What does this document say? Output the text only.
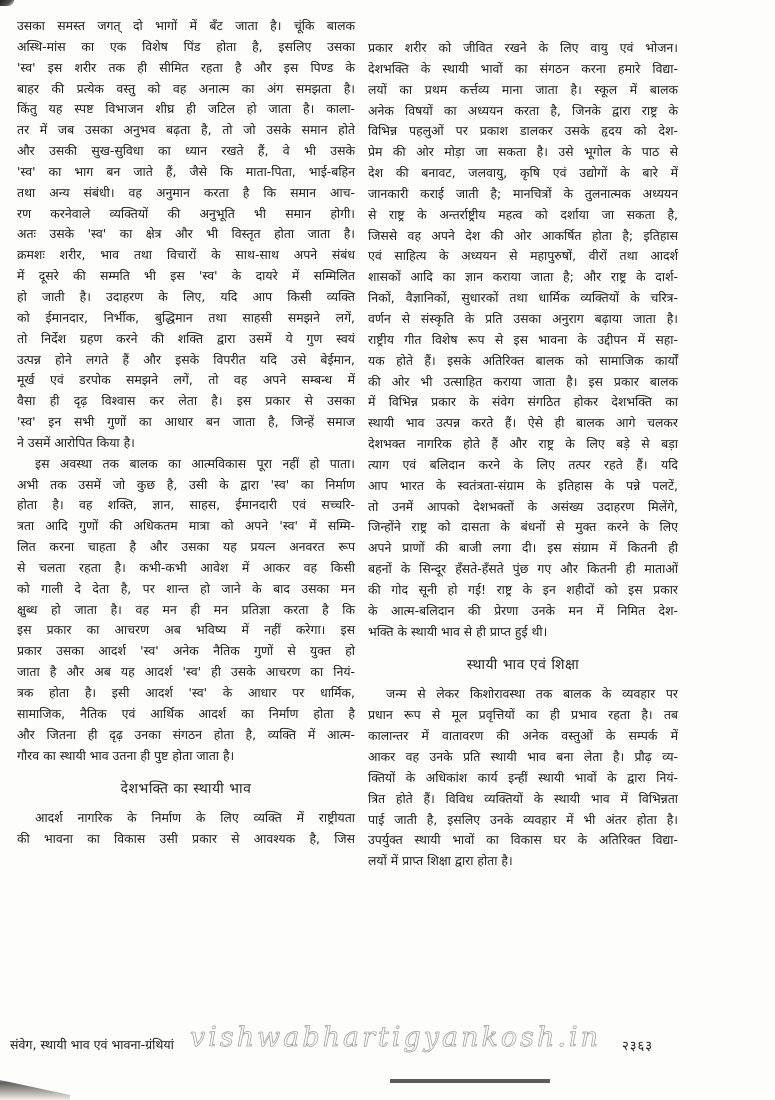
उसका समस्त जगत् दो भागों में बँट जाता है। चूंकि बालक
अस्थि-मांस का एक विशेष पिंड होता है, इसलिए उसका
'स्व' इस शरीर तक ही सीमित रहता है और इस पिण्ड के
बाहर की प्रत्येक वस्तु को वह अनात्म का अंग समझता है।
किंतु यह स्पष्ट विभाजन शीघ्र ही जटिल हो जाता है। काला-
तर में जब उसका अनुभव बढ़ता है, तो जो उसके समान होते
और उसकी सुख-सुविधा का ध्यान रखते हैं, वे भी उसके
'स्व' का भाग बन जाते हैं, जैसे कि माता-पिता, भाई-बहिन
तथा अन्य संबंधी। वह अनुमान करता है कि समान आच-
रण करनेवाले व्यक्तियों की अनुभूति भी समान होगी।
अतः उसके 'स्व' का क्षेत्र और भी विस्तृत होता जाता है।
क्रमशः शरीर, भाव तथा विचारों के साथ-साथ अपने संबंध
में दूसरे की सम्मति भी इस 'स्व' के दायरे में सम्मिलित
हो जाती है। उदाहरण के लिए, यदि आप किसी व्यक्ति
को ईमानदार, निर्भीक, बुद्धिमान तथा साहसी समझने लगें,
तो निर्देश ग्रहण करने की शक्ति द्वारा उसमें ये गुण स्वयं
उत्पन्न होने लगते हैं और इसके विपरीत यदि उसे बेईमान,
मूर्ख एवं डरपोक समझने लगें, तो वह अपने सम्बन्ध में
वैसा ही दृढ़ विश्वास कर लेता है। इस प्रकार से उसका
'स्व' इन सभी गुणों का आधार बन जाता है, जिन्हें समाज
ने उसमें आरोपित किया है।
इस अवस्था तक बालक का आत्मविकास पूरा नहीं हो पाता।
अभी तक उसमें जो कुछ है, उसी के द्वारा 'स्व' का निर्माण
होता है। वह शक्ति, ज्ञान, साहस, ईमानदारी एवं सच्चरि-
त्रता आदि गुणों की अधिकतम मात्रा को अपने 'स्व' में सम्मि-
लित करना चाहता है और उसका यह प्रयत्न अनवरत रूप
से चलता रहता है। कभी-कभी आवेश में आकर वह किसी
को गाली दे देता है, पर शान्त हो जाने के बाद उसका मन
क्षुब्ध हो जाता है। वह मन ही मन प्रतिज्ञा करता है कि
इस प्रकार का आचरण अब भविष्य में नहीं करेगा। इस
प्रकार उसका आदर्श 'स्व' अनेक नैतिक गुणों से युक्त हो
जाता है और अब यह आदर्श 'स्व' ही उसके आचरण का नियं-
त्रक होता है। इसी आदर्श 'स्व' के आधार पर धार्मिक,
सामाजिक, नैतिक एवं आर्थिक आदर्श का निर्माण होता है
और जितना ही दृढ़ उनका संगठन होता है, व्यक्ति में आत्म-
गौरव का स्थायी भाव उतना ही पुष्ट होता जाता है।
देशभक्ति का स्थायी भाव
आदर्श नागरिक के निर्माण के लिए व्यक्ति में राष्ट्रीयता
की भावना का विकास उसी प्रकार से आवश्यक है, जिस
प्रकार शरीर को जीवित रखने के लिए वायु एवं भोजन।
देशभक्ति के स्थायी भावों का संगठन करना हमारे विद्या-
लयों का प्रथम कर्त्तव्य माना जाता है। स्कूल में बालक
अनेक विषयों का अध्ययन करता है, जिनके द्वारा राष्ट्र के
विभिन्न पहलुओं पर प्रकाश डालकर उसके हृदय को देश-
प्रेम की ओर मोड़ा जा सकता है। उसे भूगोल के पाठ से
देश की बनावट, जलवायु, कृषि एवं उद्योगों के बारे में
जानकारी कराई जाती है; मानचित्रों के तुलनात्मक अध्ययन
से राष्ट्र के अन्तर्राष्ट्रीय महत्व को दर्शाया जा सकता है,
जिससे वह अपने देश की ओर आकर्षित होता है; इतिहास
एवं साहित्य के अध्ययन से महापुरुषों, वीरों तथा आदर्श
शासकों आदि का ज्ञान कराया जाता है; और राष्ट्र के दार्श-
निकों, वैज्ञानिकों, सुधारकों तथा धार्मिक व्यक्तियों के चरित्र-
वर्णन से संस्कृति के प्रति उसका अनुराग बढ़ाया जाता है।
राष्ट्रीय गीत विशेष रूप से इस भावना के उद्दीपन में सहा-
यक होते हैं। इसके अतिरिक्त बालक को सामाजिक कार्यों
की ओर भी उत्साहित कराया जाता है। इस प्रकार बालक
में विभिन्न प्रकार के संवेग संगठित होकर देशभक्ति का
स्थायी भाव उत्पन्न करते हैं। ऐसे ही बालक आगे चलकर
देशभक्त नागरिक होते हैं और राष्ट्र के लिए बड़े से बड़ा
त्याग एवं बलिदान करने के लिए तत्पर रहते हैं। यदि
आप भारत के स्वतंत्रता-संग्राम के इतिहास के पन्ने पलटें,
तो उनमें आपको देशभक्तों के असंख्य उदाहरण मिलेंगे,
जिन्होंने राष्ट्र को दासता के बंधनों से मुक्त करने के लिए
अपने प्राणों की बाजी लगा दी। इस संग्राम में कितनी ही
बहनों के सिन्दूर हँसते-हँसते पुंछ गए और कितनी ही माताओं
की गोद सूनी हो गई! राष्ट्र के इन शहीदों को इस प्रकार
के आत्म-बलिदान की प्रेरणा उनके मन में निमित देश-
भक्ति के स्थायी भाव से ही प्राप्त हुई थी।
स्थायी भाव एवं शिक्षा
जन्म से लेकर किशोरावस्था तक बालक के व्यवहार पर
प्रधान रूप से मूल प्रवृत्तियों का ही प्रभाव रहता है। तब
कालान्तर में वातावरण की अनेक वस्तुओं के सम्पर्क में
आकर वह उनके प्रति स्थायी भाव बना लेता है। प्रौढ़ व्य-
क्तियों के अधिकांश कार्य इन्हीं स्थायी भावों के द्वारा नियं-
त्रित होते हैं। विविध व्यक्तियों के स्थायी भाव में विभिन्नता
पाई जाती है, इसलिए उनके व्यवहार में भी अंतर होता है।
उपर्युक्त स्थायी भावों का विकास घर के अतिरिक्त विद्या-
लयों में प्राप्त शिक्षा द्वारा होता है।
vishwabhartigyankosh.in
संवेग, स्थायी भाव एवं भावना-ग्रंथियां	२३६३
